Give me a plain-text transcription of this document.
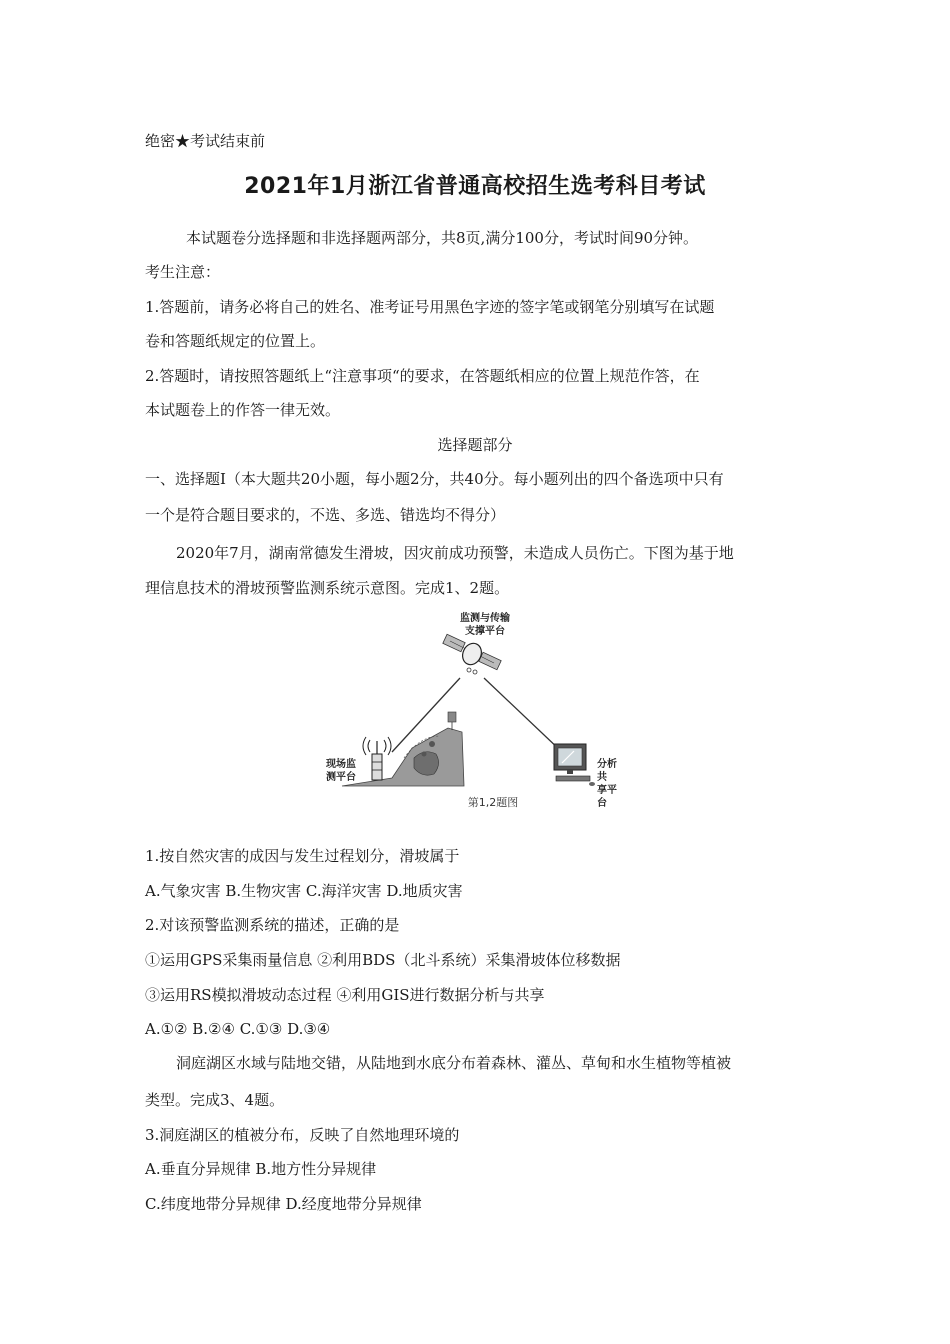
绝密★考试结束前
2021年1月浙江省普通高校招生选考科目考试
本试题卷分选择题和非选择题两部分，共8页,满分100分，考试时间90分钟。
考生注意：
1.答题前，请务必将自己的姓名、准考证号用黑色字迹的签字笔或钢笔分别填写在试题
卷和答题纸规定的位置上。
2.答题时，请按照答题纸上“注意事项“的要求，在答题纸相应的位置上规范作答，在
本试题卷上的作答一律无效。
选择题部分
一、选择题Ⅰ（本大题共20小题，每小题2分，共40分。每小题列出的四个备选项中只有
一个是符合题目要求的，不选、多选、错选均不得分）
2020年7月，湖南常德发生滑坡，因灾前成功预警，未造成人员伤亡。下图为基于地
理信息技术的滑坡预警监测系统示意图。完成1、2题。
监测与传输
支撑平台
现场监
测平台
分析共
享平台
第1,2题图
1.按自然灾害的成因与发生过程划分，滑坡属于
A.气象灾害 B.生物灾害 C.海洋灾害 D.地质灾害
2.对该预警监测系统的描述，正确的是
①运用GPS采集雨量信息 ②利用BDS（北斗系统）采集滑坡体位移数据
③运用RS模拟滑坡动态过程 ④利用GIS进行数据分析与共享
A.①② B.②④ C.①③ D.③④
洞庭湖区水域与陆地交错，从陆地到水底分布着森林、灌丛、草甸和水生植物等植被
类型。完成3、4题。
3.洞庭湖区的植被分布，反映了自然地理环境的
A.垂直分异规律 B.地方性分异规律
C.纬度地带分异规律 D.经度地带分异规律
